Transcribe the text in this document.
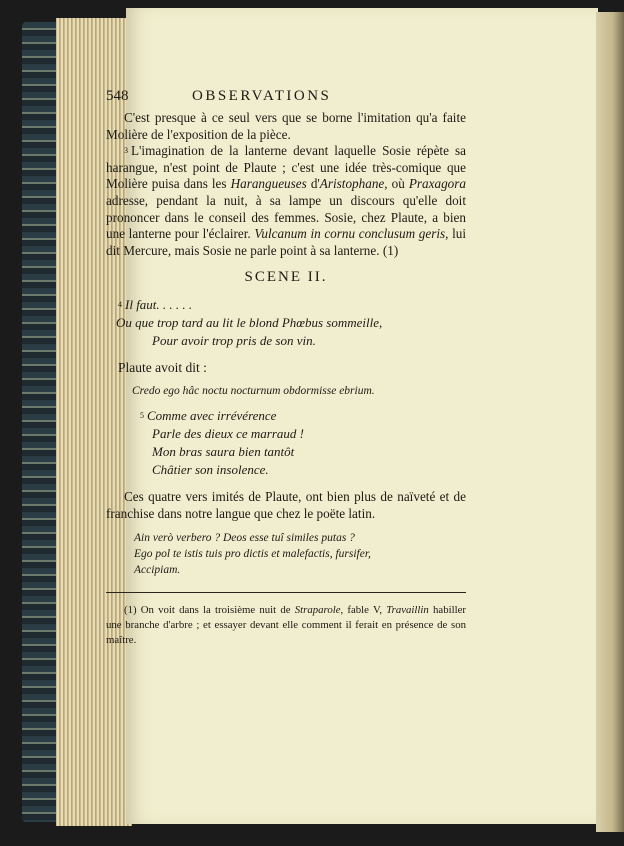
548	OBSERVATIONS

C'est presque à ce seul vers que se borne l'imitation qu'a faite Molière de l'exposition de la pièce.

3 L'imagination de la lanterne devant laquelle Sosie répète sa harangue, n'est point de Plaute ; c'est une idée très-comique que Molière puisa dans les Harangueuses d'Aristophane, où Praxagora adresse, pendant la nuit, à sa lampe un discours qu'elle doit prononcer dans le conseil des femmes. Sosie, chez Plaute, a bien une lanterne pour l'éclairer. Vulcanum in cornu conclusum geris, lui dit Mercure, mais Sosie ne parle point à sa lanterne. (1)

SCENE II.

4 Il faut. . . . . .

Ou que trop tard au lit le blond Phœbus sommeille,

Pour avoir trop pris de son vin.

Plaute avoit dit :

Credo ego hâc noctu nocturnum obdormisse ebrium.

5 Comme avec irrévérence

Parle des dieux ce marraud !

Mon bras saura bien tantôt

Châtier son insolence.

Ces quatre vers imités de Plaute, ont bien plus de naïveté et de franchise dans notre langue que chez le poëte latin.

Ain verò verbero ? Deos esse tuî similes putas ?

Ego pol te istis tuis pro dictis et malefactis, fursifer,

Accipiam.

(1) On voit dans la troisième nuit de Straparole, fable V, Travaillin habiller une branche d'arbre ; et essayer devant elle comment il ferait en présence de son maître.
